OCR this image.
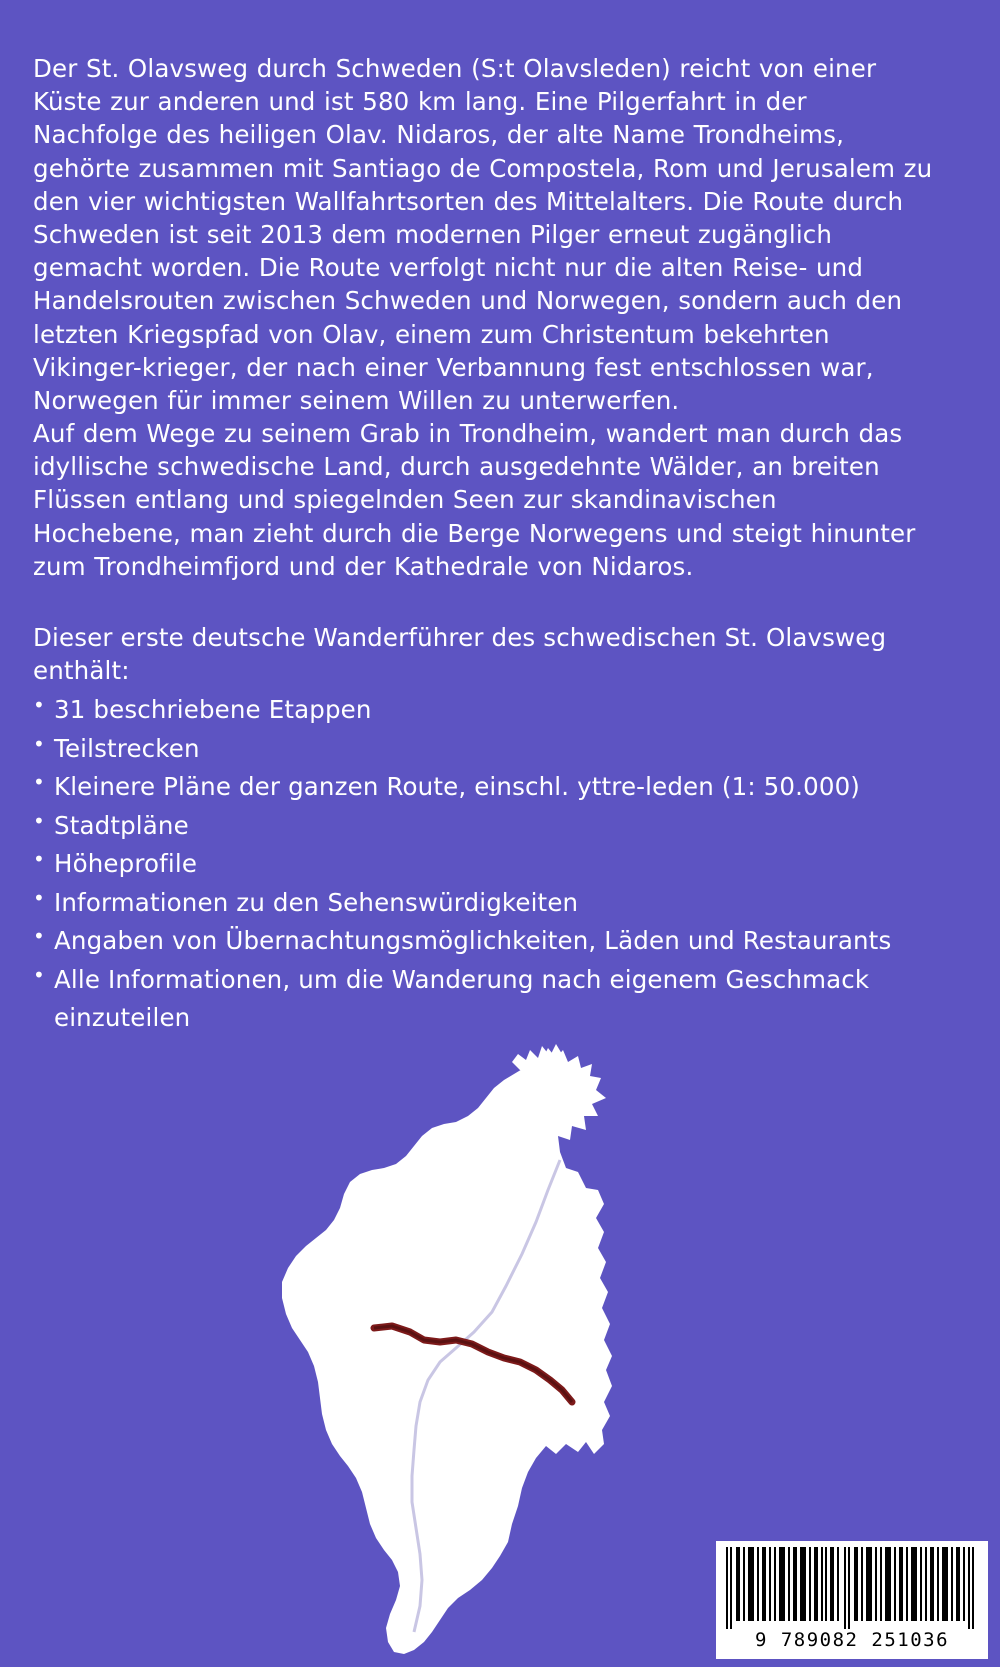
Der St. Olavsweg durch Schweden (S:t Olavsleden) reicht von einer Küste zur anderen und ist 580 km lang. Eine Pilgerfahrt in der Nachfolge des heiligen Olav. Nidaros, der alte Name Trondheims, gehörte zusammen mit Santiago de Compostela, Rom und Jerusalem zu den vier wichtigsten Wallfahrtsorten des Mittelalters. Die Route durch Schweden ist seit 2013 dem modernen Pilger erneut zugänglich gemacht worden. Die Route verfolgt nicht nur die alten Reise- und Handelsrouten zwischen Schweden und Norwegen, sondern auch den letzten Kriegspfad von Olav, einem zum Christentum bekehrten Vikinger-krieger, der nach einer Verbannung fest entschlossen war, Norwegen für immer seinem Willen zu unterwerfen.

Auf dem Wege zu seinem Grab in Trondheim, wandert man durch das idyllische schwedische Land, durch ausgedehnte Wälder, an breiten Flüssen entlang und spiegelnden Seen zur skandinavischen Hochebene, man zieht durch die Berge Norwegens und steigt hinunter zum Trondheimfjord und der Kathedrale von Nidaros.

Dieser erste deutsche Wanderführer des schwedischen St. Olavsweg enthält:
• 31 beschriebene Etappen
• Teilstrecken
• Kleinere Pläne der ganzen Route, einschl. yttre-leden (1: 50.000)
• Stadtpläne
• Höheprofile
• Informationen zu den Sehenswürdigkeiten
• Angaben von Übernachtungsmöglichkeiten, Läden und Restaurants
• Alle Informationen, um die Wanderung nach eigenem Geschmack einzuteilen
9 789082 251036
